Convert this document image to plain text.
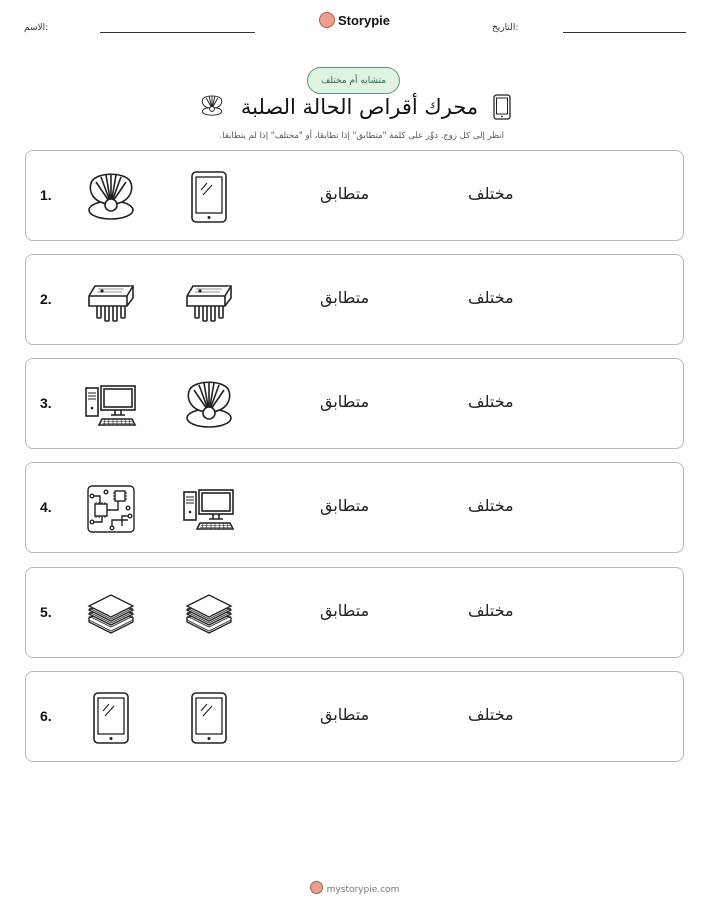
الاسم:	Storypie	التاريخ:
متشابه أم مختلف
محرك أقراص الحالة الصلبة
انظر إلى كل زوج. دوِّر على كلمة "متطابق" إذا تطابقا، أو "مختلف" إذا لم يتطابقا.
1.	متطابق	مختلف
2.	متطابق	مختلف
3.	متطابق	مختلف
4.	متطابق	مختلف
5.	متطابق	مختلف
6.	متطابق	مختلف
mystorypie.com
